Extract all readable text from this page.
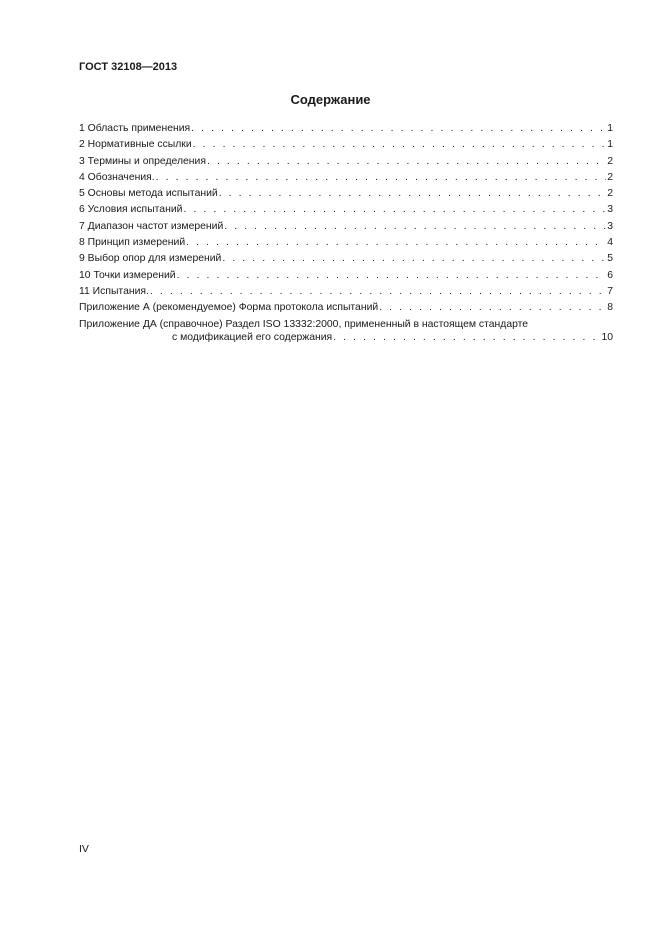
ГОСТ 32108—2013
Содержание
1 Область применения . . .	1
2 Нормативные ссылки . . .	1
3 Термины и определения . . .	2
4 Обозначения. . . .	2
5 Основы метода испытаний . . .	2
6 Условия испытаний . . .	3
7 Диапазон частот измерений . . .	3
8 Принцип измерений . . .	4
9 Выбор опор для измерений . . .	5
10 Точки измерений . . .	6
11 Испытания. . . .	7
Приложение А (рекомендуемое) Форма протокола испытаний . . .	8
Приложение ДА (справочное) Раздел ISO 13332:2000, примененный в настоящем стандарте
с модификацией его содержания . . .	10
IV
